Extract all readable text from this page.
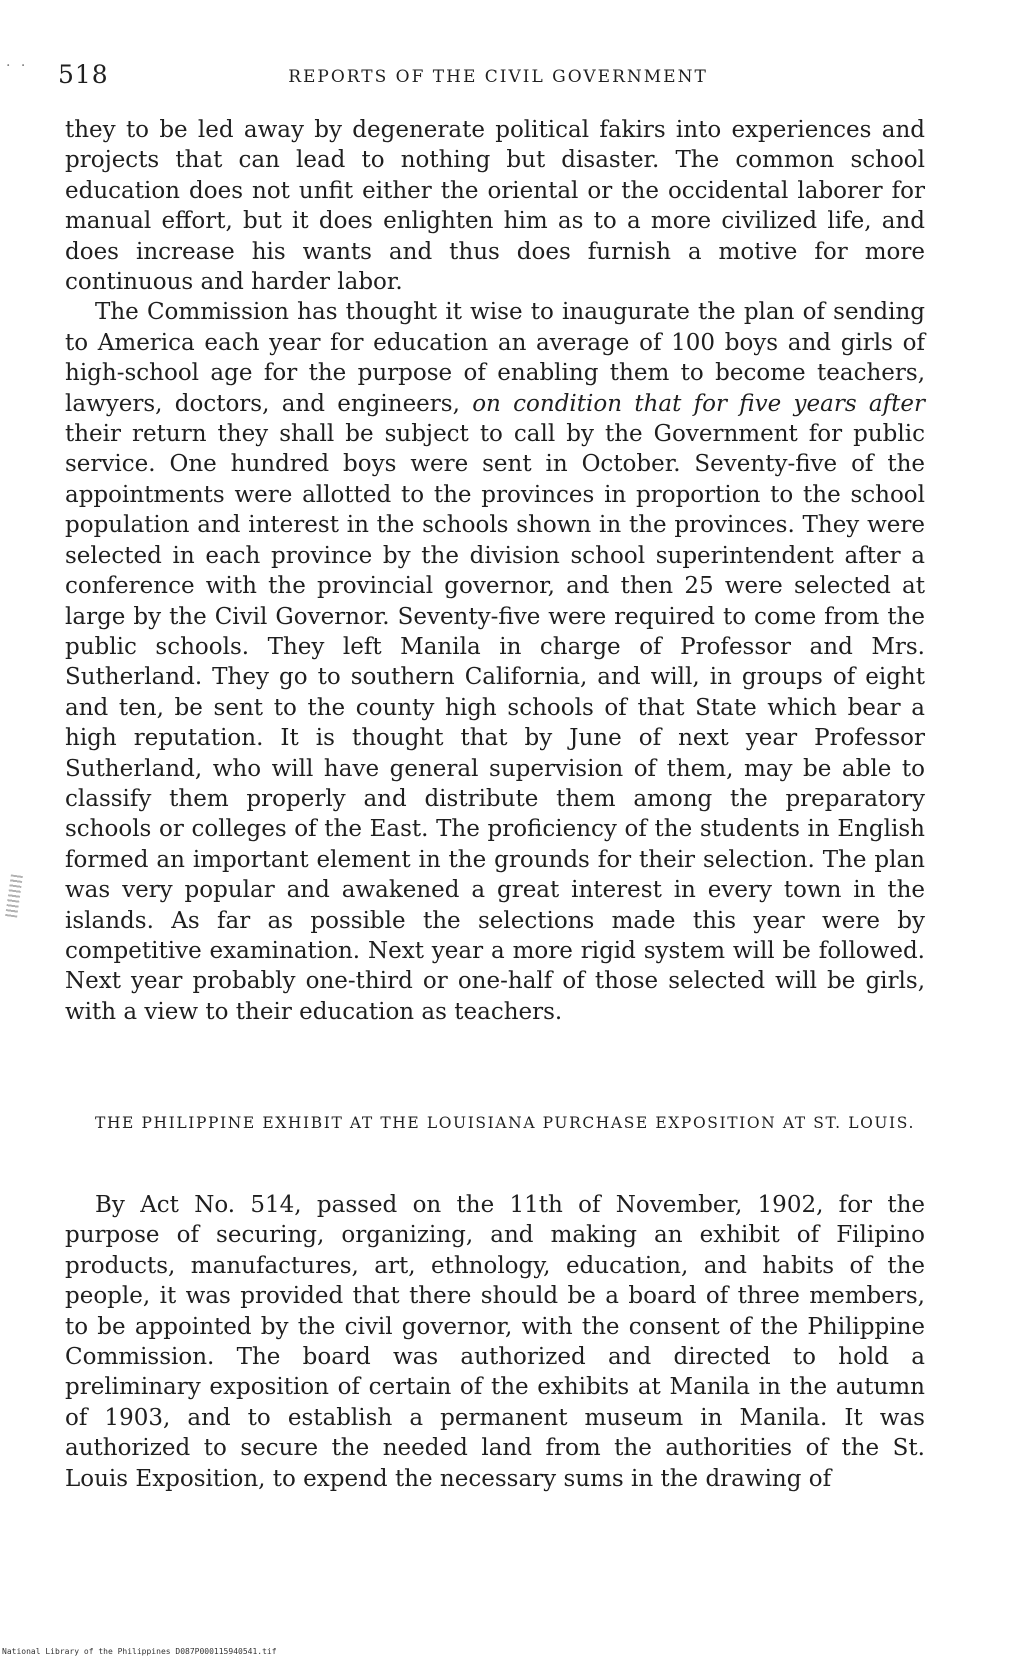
· · 518	REPORTS OF THE CIVIL GOVERNMENT

they to be led away by degenerate political fakirs into experiences and projects that can lead to nothing but disaster. The common school education does not unfit either the oriental or the occidental laborer for manual effort, but it does enlighten him as to a more civilized life, and does increase his wants and thus does furnish a motive for more continuous and harder labor.

The Commission has thought it wise to inaugurate the plan of sending to America each year for education an average of 100 boys and girls of high-school age for the purpose of enabling them to become teachers, lawyers, doctors, and engineers, on condition that for five years after their return they shall be subject to call by the Government for public service. One hundred boys were sent in October. Seventy-five of the appointments were allotted to the provinces in proportion to the school population and interest in the schools shown in the provinces. They were selected in each province by the division school superintendent after a conference with the provincial governor, and then 25 were selected at large by the Civil Governor. Seventy-five were required to come from the public schools. They left Manila in charge of Professor and Mrs. Sutherland. They go to southern California, and will, in groups of eight and ten, be sent to the county high schools of that State which bear a high reputation. It is thought that by June of next year Professor Sutherland, who will have general supervision of them, may be able to classify them properly and distribute them among the preparatory schools or colleges of the East. The proficiency of the students in English formed an important element in the grounds for their selection. The plan was very popular and awakened a great interest in every town in the islands. As far as possible the selections made this year were by competitive examination. Next year a more rigid system will be followed. Next year probably one-third or one-half of those selected will be girls, with a view to their education as teachers.

THE PHILIPPINE EXHIBIT AT THE LOUISIANA PURCHASE EXPOSITION AT ST. LOUIS.

By Act No. 514, passed on the 11th of November, 1902, for the purpose of securing, organizing, and making an exhibit of Filipino products, manufactures, art, ethnology, education, and habits of the people, it was provided that there should be a board of three members, to be appointed by the civil governor, with the consent of the Philippine Commission. The board was authorized and directed to hold a preliminary exposition of certain of the exhibits at Manila in the autumn of 1903, and to establish a permanent museum in Manila. It was authorized to secure the needed land from the authorities of the St. Louis Exposition, to expend the necessary sums in the drawing of

National Library of the Philippines D087P000115940541.tif
